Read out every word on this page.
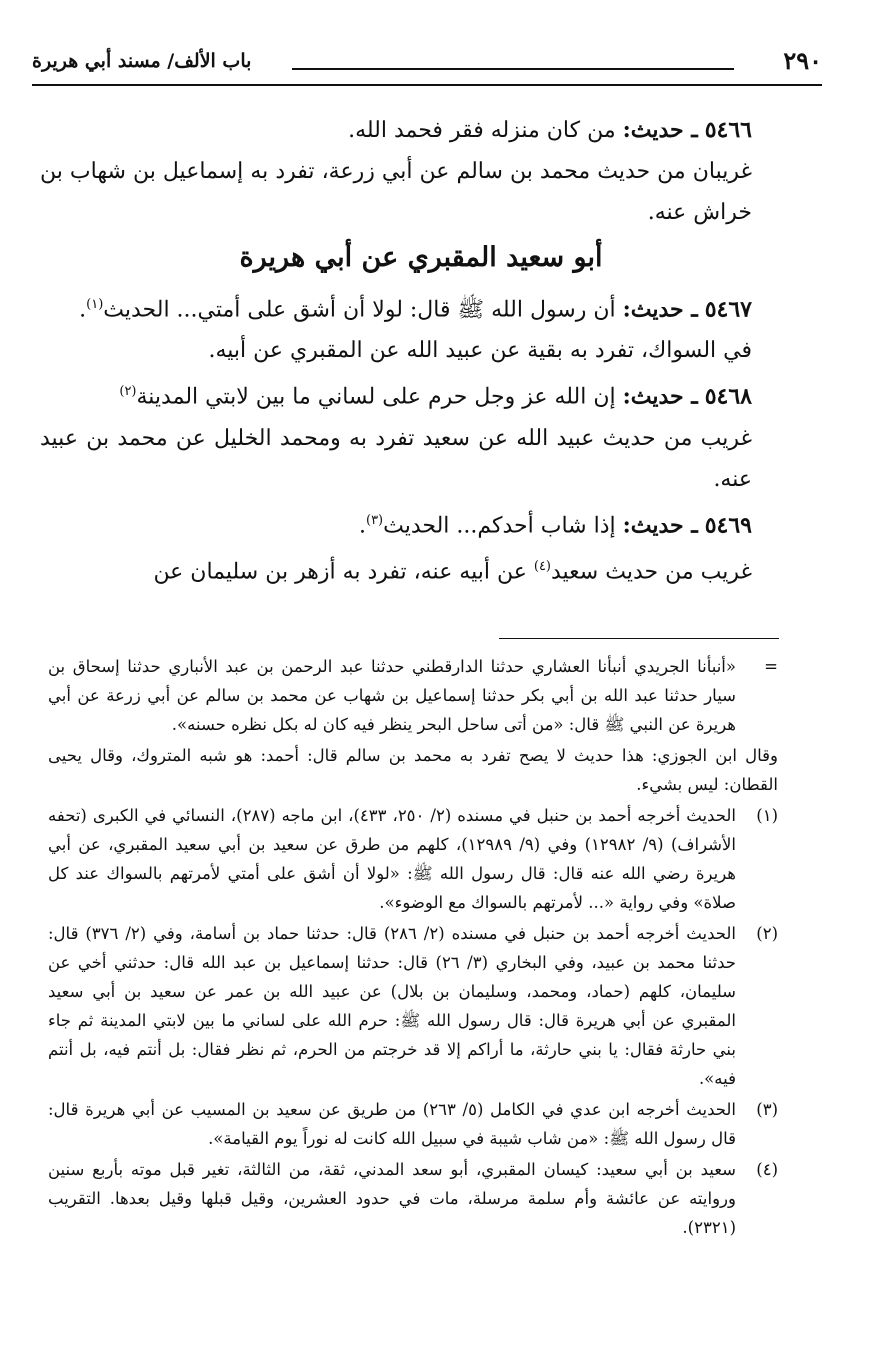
٢٩٠
باب الألف/ مسند أبي هريرة

٥٤٦٦ ـ حديث: من كان منزله فقر فحمد الله.

غريبان من حديث محمد بن سالم عن أبي زرعة، تفرد به إسماعيل بن شهاب بن خراش عنه.

أبو سعيد المقبري عن أبي هريرة

٥٤٦٧ ـ حديث: أن رسول الله ﷺ قال: لولا أن أشق على أمتي... الحديث$^{(١)}$.

في السواك، تفرد به بقية عن عبيد الله عن المقبري عن أبيه.

٥٤٦٨ ـ حديث: إن الله عز وجل حرم على لساني ما بين لابتي المدينة$^{(٢)}$

غريب من حديث عبيد الله عن سعيد تفرد به ومحمد الخليل عن محمد بن عبيد عنه.

٥٤٦٩ ـ حديث: إذا شاب أحدكم... الحديث$^{(٣)}$.

غريب من حديث سعيد$^{(٤)}$ عن أبيه عنه، تفرد به أزهر بن سليمان عن

=
«أنبأنا الجريدي أنبأنا العشاري حدثنا الدارقطني حدثنا عبد الرحمن بن عبد الأنباري حدثنا إسحاق بن سيار حدثنا عبد الله بن أبي بكر حدثنا إسماعيل بن شهاب عن محمد بن سالم عن أبي زرعة عن أبي هريرة عن النبي ﷺ قال: «من أتى ساحل البحر ينظر فيه كان له بكل نظره حسنه».
وقال ابن الجوزي: هذا حديث لا يصح تفرد به محمد بن سالم قال: أحمد: هو شبه المتروك، وقال يحيى القطان: ليس بشيء.
(١)
الحديث أخرجه أحمد بن حنبل في مسنده (٢/ ٢٥٠، ٤٣٣)، ابن ماجه (٢٨٧)، النسائي في الكبرى (تحفه الأشراف) (٩/ ١٢٩٨٢) وفي (٩/ ١٢٩٨٩)، كلهم من طرق عن سعيد بن أبي سعيد المقبري، عن أبي هريرة رضي الله عنه قال: قال رسول الله ﷺ: «لولا أن أشق على أمتي لأمرتهم بالسواك عند كل صلاة» وفي رواية «... لأمرتهم بالسواك مع الوضوء».
(٢)
الحديث أخرجه أحمد بن حنبل في مسنده (٢/ ٢٨٦) قال: حدثنا حماد بن أسامة، وفي (٢/ ٣٧٦) قال: حدثنا محمد بن عبيد، وفي البخاري (٣/ ٢٦) قال: حدثنا إسماعيل بن عبد الله قال: حدثني أخي عن سليمان، كلهم (حماد، ومحمد، وسليمان بن بلال) عن عبيد الله بن عمر عن سعيد بن أبي سعيد المقبري عن أبي هريرة قال: قال رسول الله ﷺ: حرم الله على لساني ما بين لابتي المدينة ثم جاء بني حارثة فقال: يا بني حارثة، ما أراكم إلا قد خرجتم من الحرم، ثم نظر فقال: بل أنتم فيه، بل أنتم فيه».
(٣)
الحديث أخرجه ابن عدي في الكامل (٥/ ٢٦٣) من طريق عن سعيد بن المسيب عن أبي هريرة قال: قال رسول الله ﷺ: «من شاب شيبة في سبيل الله كانت له نوراً يوم القيامة».
(٤)
سعيد بن أبي سعيد: كيسان المقبري، أبو سعد المدني، ثقة، من الثالثة، تغير قبل موته بأربع سنين وروايته عن عائشة وأم سلمة مرسلة، مات في حدود العشرين، وقيل قبلها وقيل بعدها. التقريب (٢٣٢١).
